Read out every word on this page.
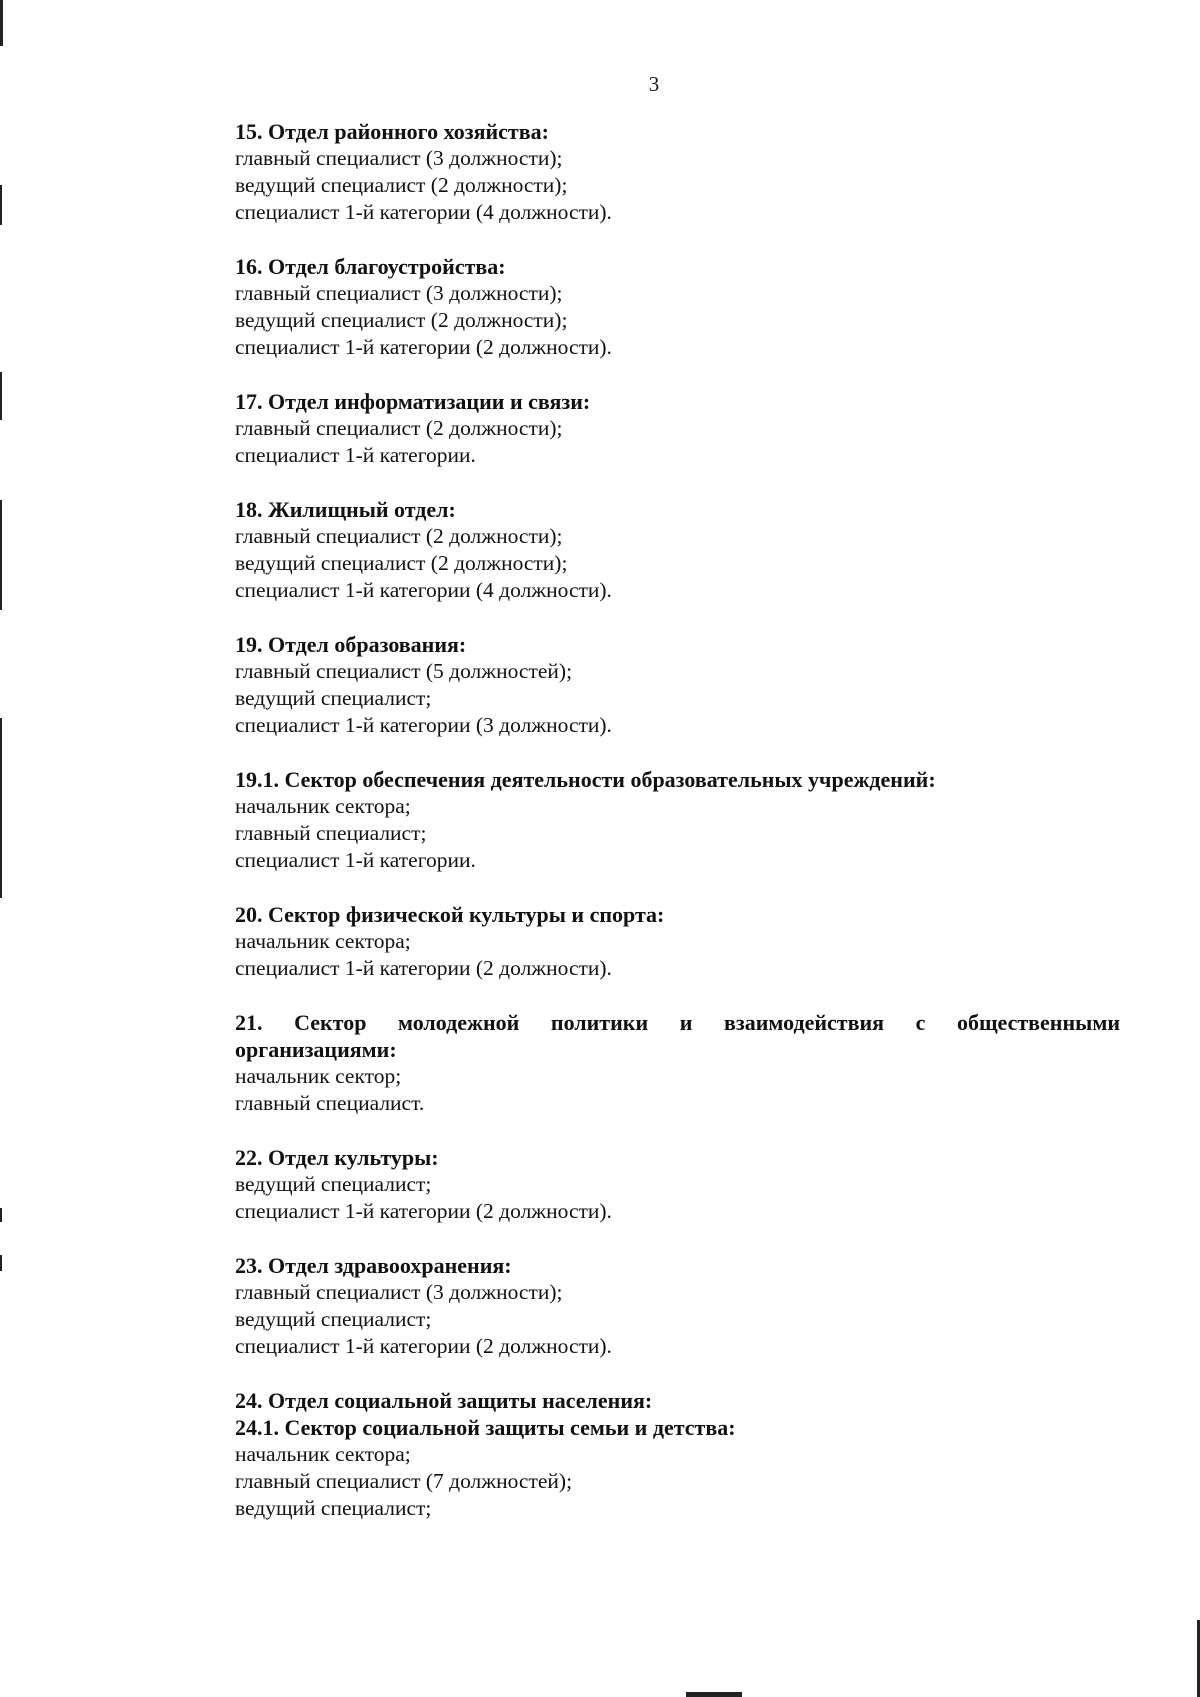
3

15. Отдел районного хозяйства:

главный специалист (3 должности);

ведущий специалист (2 должности);

специалист 1-й категории (4 должности).

16. Отдел благоустройства:

главный специалист (3 должности);

ведущий специалист (2 должности);

специалист 1-й категории (2 должности).

17. Отдел информатизации и связи:

главный специалист (2 должности);

специалист 1-й категории.

18. Жилищный отдел:

главный специалист (2 должности);

ведущий специалист (2 должности);

специалист 1-й категории (4 должности).

19. Отдел образования:

главный специалист (5 должностей);

ведущий специалист;

специалист 1-й категории (3 должности).

19.1. Сектор обеспечения деятельности образовательных учреждений:

начальник сектора;

главный специалист;

специалист 1-й категории.

20. Сектор физической культуры и спорта:

начальник сектора;

специалист 1-й категории (2 должности).

21. Сектор молодежной политики и взаимодействия с общественными

организациями:

начальник сектор;

главный специалист.

22. Отдел культуры:

ведущий специалист;

специалист 1-й категории (2 должности).

23. Отдел здравоохранения:

главный специалист (3 должности);

ведущий специалист;

специалист 1-й категории (2 должности).

24. Отдел социальной защиты населения:

24.1. Сектор социальной защиты семьи и детства:

начальник сектора;

главный специалист (7 должностей);

ведущий специалист;
